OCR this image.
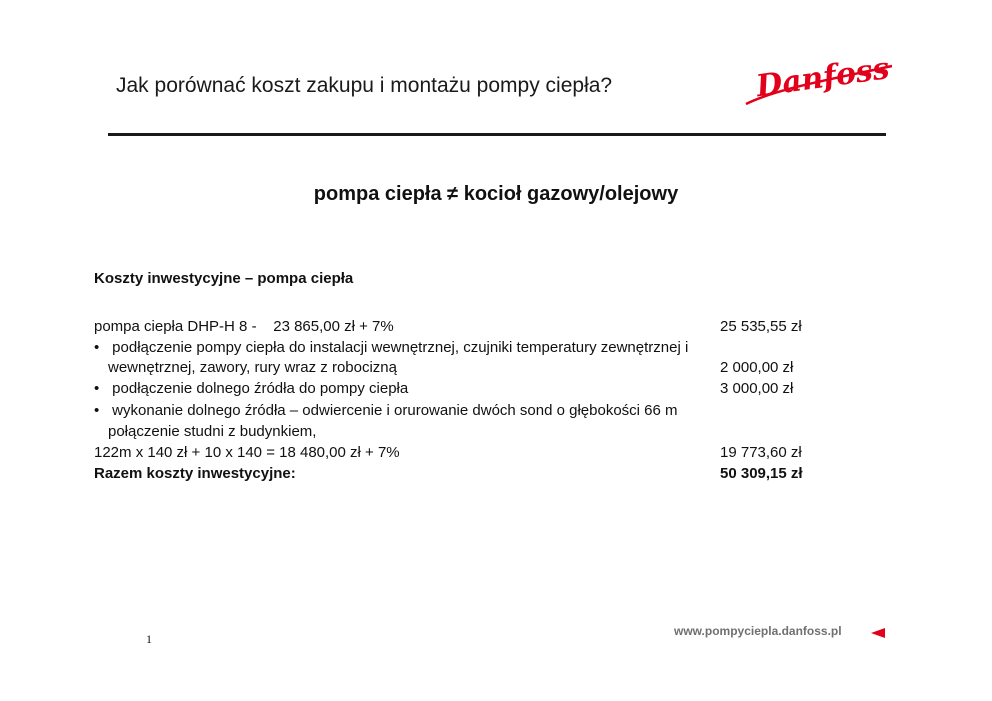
Jak porównać koszt zakupu i montażu pompy ciepła?	Danfoss
pompa ciepła ≠ kocioł gazowy/olejowy
Koszty inwestycyjne – pompa ciepła
pompa ciepła DHP-H 8 -    23 865,00 zł + 7%	25 535,55 zł
• podłączenie pompy ciepła do instalacji wewnętrznej, czujniki temperatury zewnętrznej i
wewnętrznej, zawory, rury wraz z robocizną	2 000,00 zł
• podłączenie dolnego źródła do pompy ciepła	3 000,00 zł
• wykonanie dolnego źródła – odwiercenie i orurowanie dwóch sond o głębokości 66 m
połączenie studni z budynkiem,
122m x 140 zł + 10 x 140 = 18 480,00 zł + 7%	19 773,60 zł
Razem koszty inwestycyjne:	50 309,15 zł
1
www.pompyciepla.danfoss.pl
